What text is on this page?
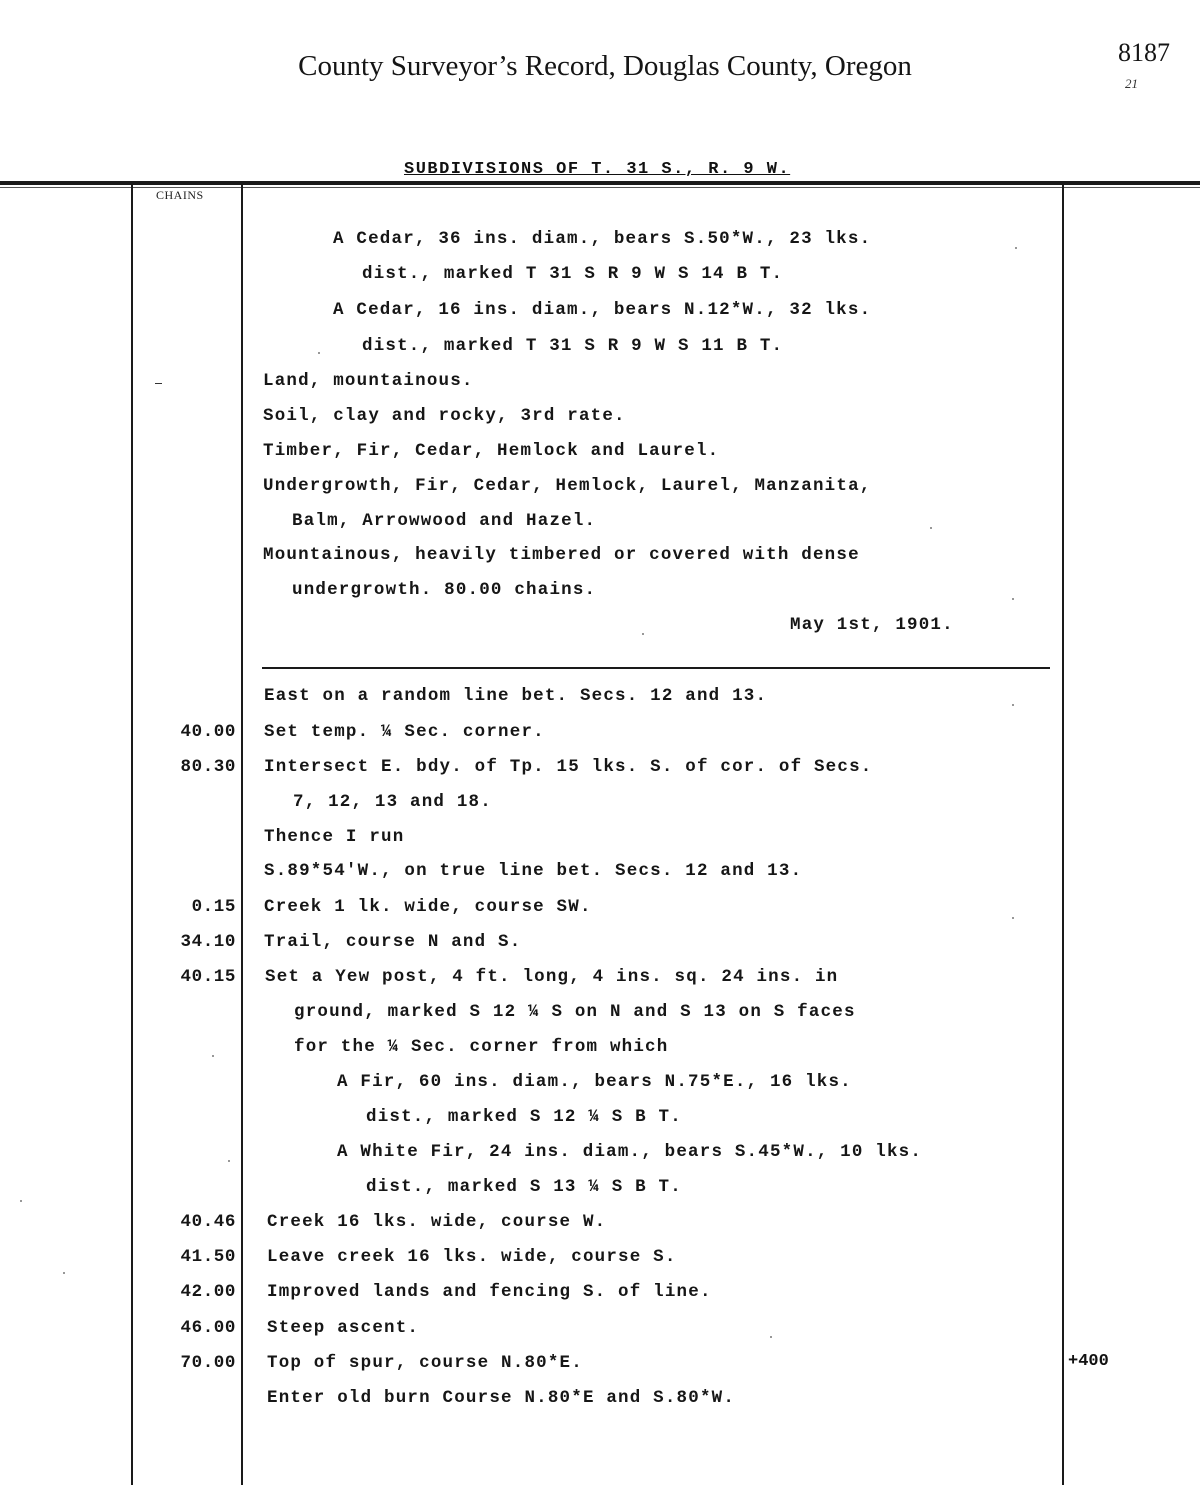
County Surveyor’s Record, Douglas County, Oregon	8187
21
SUBDIVISIONS OF T. 31 S., R. 9 W.
CHAINS
A Cedar, 36 ins. diam., bears S.50*W., 23 lks.
dist., marked T 31 S R 9 W S 14 B T.
A Cedar, 16 ins. diam., bears N.12*W., 32 lks.
dist., marked T 31 S R 9 W S 11 B T.
Land, mountainous.
Soil, clay and rocky, 3rd rate.
Timber, Fir, Cedar, Hemlock and Laurel.
Undergrowth, Fir, Cedar, Hemlock, Laurel, Manzanita,
Balm, Arrowwood and Hazel.
Mountainous, heavily timbered or covered with dense
undergrowth. 80.00 chains.
May 1st, 1901.
East on a random line bet. Secs. 12 and 13.
40.00 Set temp. ¼ Sec. corner.
80.30 Intersect E. bdy. of Tp. 15 lks. S. of cor. of Secs.
7, 12, 13 and 18.
Thence I run
S.89*54'W., on true line bet. Secs. 12 and 13.
0.15 Creek 1 lk. wide, course SW.
34.10 Trail, course N and S.
40.15 Set a Yew post, 4 ft. long, 4 ins. sq. 24 ins. in
ground, marked S 12 ¼ S on N and S 13 on S faces
for the ¼ Sec. corner from which
A Fir, 60 ins. diam., bears N.75*E., 16 lks.
dist., marked S 12 ¼ S B T.
A White Fir, 24 ins. diam., bears S.45*W., 10 lks.
dist., marked S 13 ¼ S B T.
40.46 Creek 16 lks. wide, course W.
41.50 Leave creek 16 lks. wide, course S.
42.00 Improved lands and fencing S. of line.
46.00 Steep ascent.
70.00 Top of spur, course N.80*E.
Enter old burn Course N.80*E and S.80*W.
+400
